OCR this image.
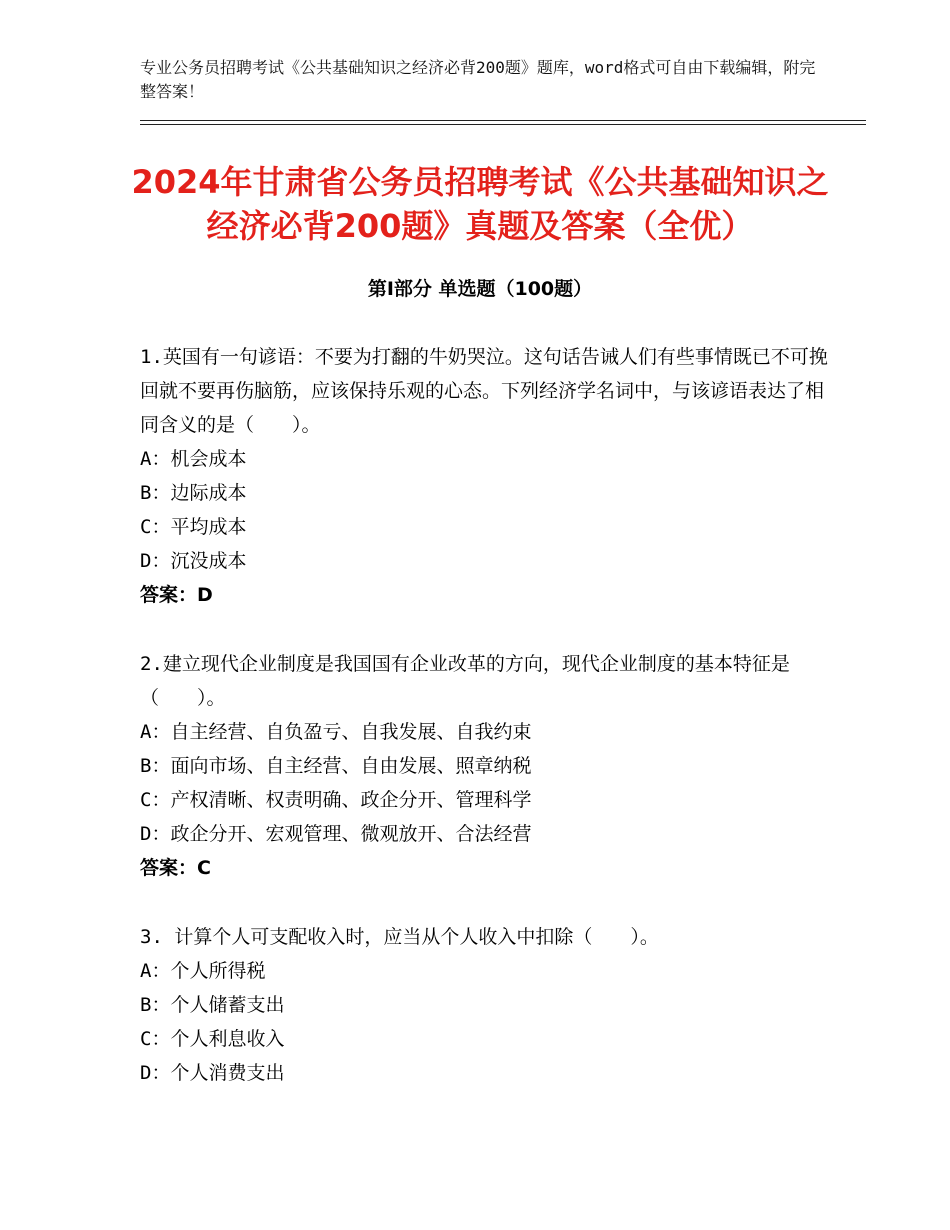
专业公务员招聘考试《公共基础知识之经济必背200题》题库，word格式可自由下载编辑，附完整答案！
2024年甘肃省公务员招聘考试《公共基础知识之经济必背200题》真题及答案（全优）
第I部分 单选题（100题）

1.英国有一句谚语：不要为打翻的牛奶哭泣。这句话告诫人们有些事情既已不可挽回就不要再伤脑筋，应该保持乐观的心态。下列经济学名词中，与该谚语表达了相同含义的是（　　）。

A：机会成本

B：边际成本

C：平均成本

D：沉没成本

答案：D

2.建立现代企业制度是我国国有企业改革的方向，现代企业制度的基本特征是（　　）。

A：自主经营、自负盈亏、自我发展、自我约束

B：面向市场、自主经营、自由发展、照章纳税

C：产权清晰、权责明确、政企分开、管理科学

D：政企分开、宏观管理、微观放开、合法经营

答案：C

3. 计算个人可支配收入时，应当从个人收入中扣除（　　）。

A：个人所得税

B：个人储蓄支出

C：个人利息收入

D：个人消费支出
